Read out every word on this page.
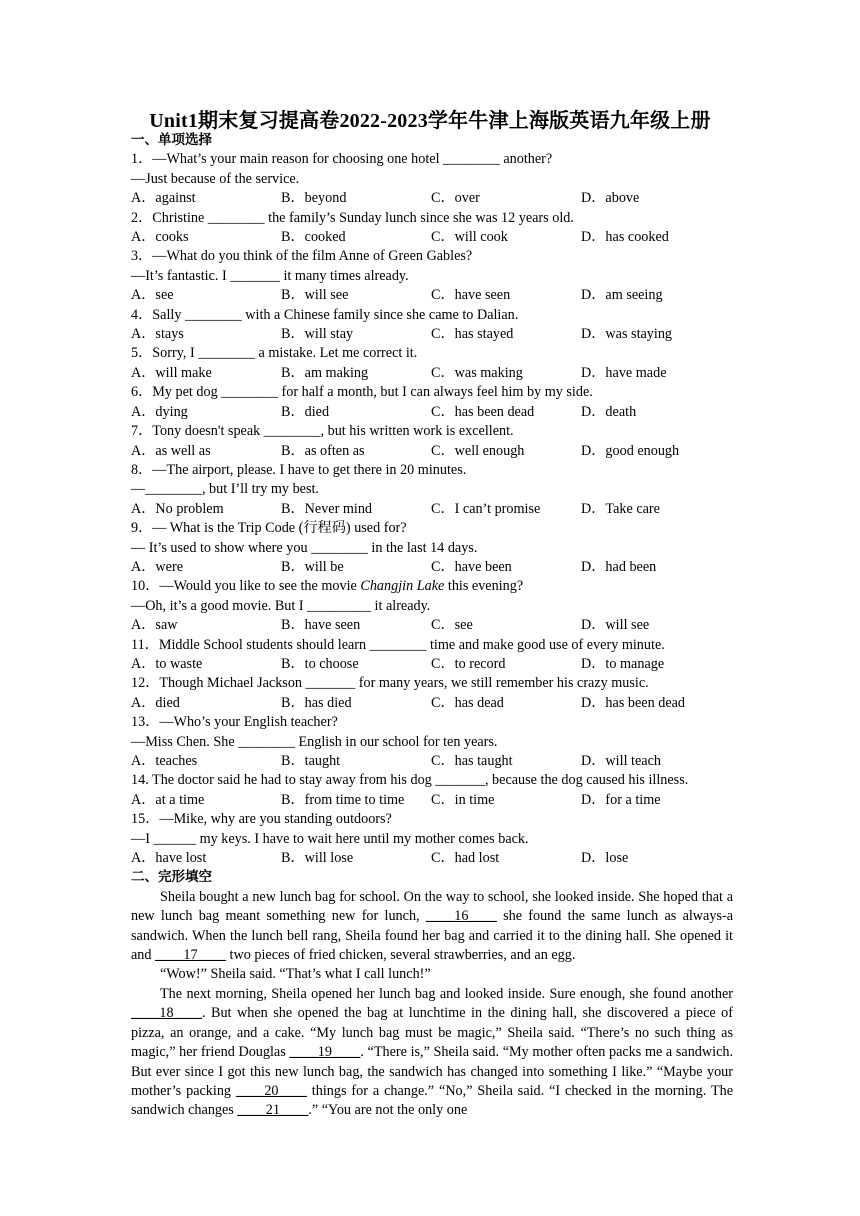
Unit1期末复习提高卷2022-2023学年牛津上海版英语九年级上册
一、单项选择
1．—What’s your main reason for choosing one hotel ________ another?
—Just because of the service.
A．against	B．beyond	C．over	D．above
2．Christine ________ the family’s Sunday lunch since she was 12 years old.
A．cooks	B．cooked	C．will cook	D．has cooked
3．—What do you think of the film Anne of Green Gables?
—It’s fantastic. I _______ it many times already.
A．see	B．will see	C．have seen	D．am seeing
4．Sally ________ with a Chinese family since she came to Dalian.
A．stays	B．will stay	C．has stayed	D．was staying
5．Sorry, I ________ a mistake. Let me correct it.
A．will make	B．am making	C．was making	D．have made
6．My pet dog ________ for half a month, but I can always feel him by my side.
A．dying	B．died	C．has been dead	D．death
7．Tony doesn't speak ________, but his written work is excellent.
A．as well as	B．as often as	C．well enough	D．good enough
8．—The airport, please. I have to get there in 20 minutes.
—________, but I’ll try my best.
A．No problem	B．Never mind	C．I can’t promise	D．Take care
9．— What is the Trip Code (行程码) used for?
— It’s used to show where you ________ in the last 14 days.
A．were	B．will be	C．have been	D．had been
10．—Would you like to see the movie Changjin Lake this evening?
—Oh, it’s a good movie. But I _________ it already.
A．saw	B．have seen	C．see	D．will see
11．Middle School students should learn ________ time and make good use of every minute.
A．to waste	B．to choose	C．to record	D．to manage
12．Though Michael Jackson _______ for many years, we still remember his crazy music.
A．died	B．has died	C．has dead	D．has been dead
13．—Who’s your English teacher?
—Miss Chen. She ________ English in our school for ten years.
A．teaches	B．taught	C．has taught	D．will teach
14. The doctor said he had to stay away from his dog _______, because the dog caused his illness.
A．at a time	B．from time to time	C．in time	D．for a time
15．—Mike, why are you standing outdoors?
—I ______ my keys. I have to wait here until my mother comes back.
A．have lost	B．will lose	C．had lost	D．lose
二、完形填空
Sheila bought a new lunch bag for school. On the way to school, she looked inside. She hoped that a new lunch bag meant something new for lunch, ____16____ she found the same lunch as always-a sandwich. When the lunch bell rang, Sheila found her bag and carried it to the dining hall. She opened it and ____17____ two pieces of fried chicken, several strawberries, and an egg.
“Wow!” Sheila said. “That’s what I call lunch!”
The next morning, Sheila opened her lunch bag and looked inside. Sure enough, she found another ____18____. But when she opened the bag at lunchtime in the dining hall, she discovered a piece of pizza, an orange, and a cake. “My lunch bag must be magic,” Sheila said. “There’s no such thing as magic,” her friend Douglas ____19____. “There is,” Sheila said. “My mother often packs me a sandwich. But ever since I got this new lunch bag, the sandwich has changed into something I like.” “Maybe your mother’s packing ____20____ things for a change.” “No,” Sheila said. “I checked in the morning. The sandwich changes ____21____.” “You are not the only one
